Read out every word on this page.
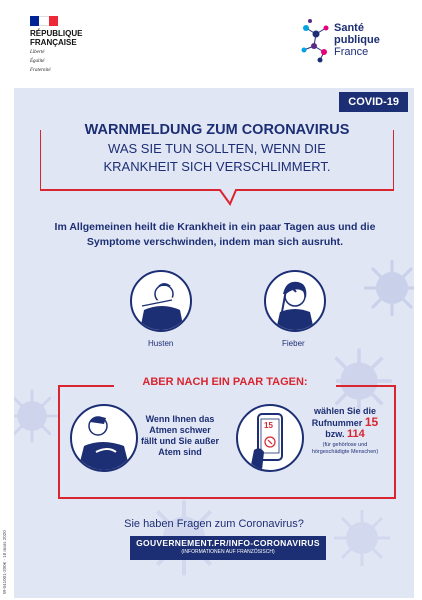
RÉPUBLIQUE
FRANÇAISE
Liberté
Égalité
Fraternité
Santé
publique
France
COVID-19
WARNMELDUNG ZUM CORONAVIRUS
WAS SIE TUN SOLLTEN, WENN DIE
KRANKHEIT SICH VERSCHLIMMERT.
Im Allgemeinen heilt die Krankheit in ein paar Tagen aus und die Symptome verschwinden, indem man sich ausruht.
Husten	Fieber
ABER NACH EIN PAAR TAGEN:
Wenn Ihnen das Atmen schwer fällt und Sie außer Atem sind
15
wählen Sie die Rufnummer 15
bzw. 114
(für gehörlose und hörgeschädigte Menschen)
Sie haben Fragen zum Coronavirus?
GOUVERNEMENT.FR/INFO-CORONAVIRUS
(INFORMATIONEN AUF FRANZÖSISCH)
W-041001-200€ - 18 mars 2020
